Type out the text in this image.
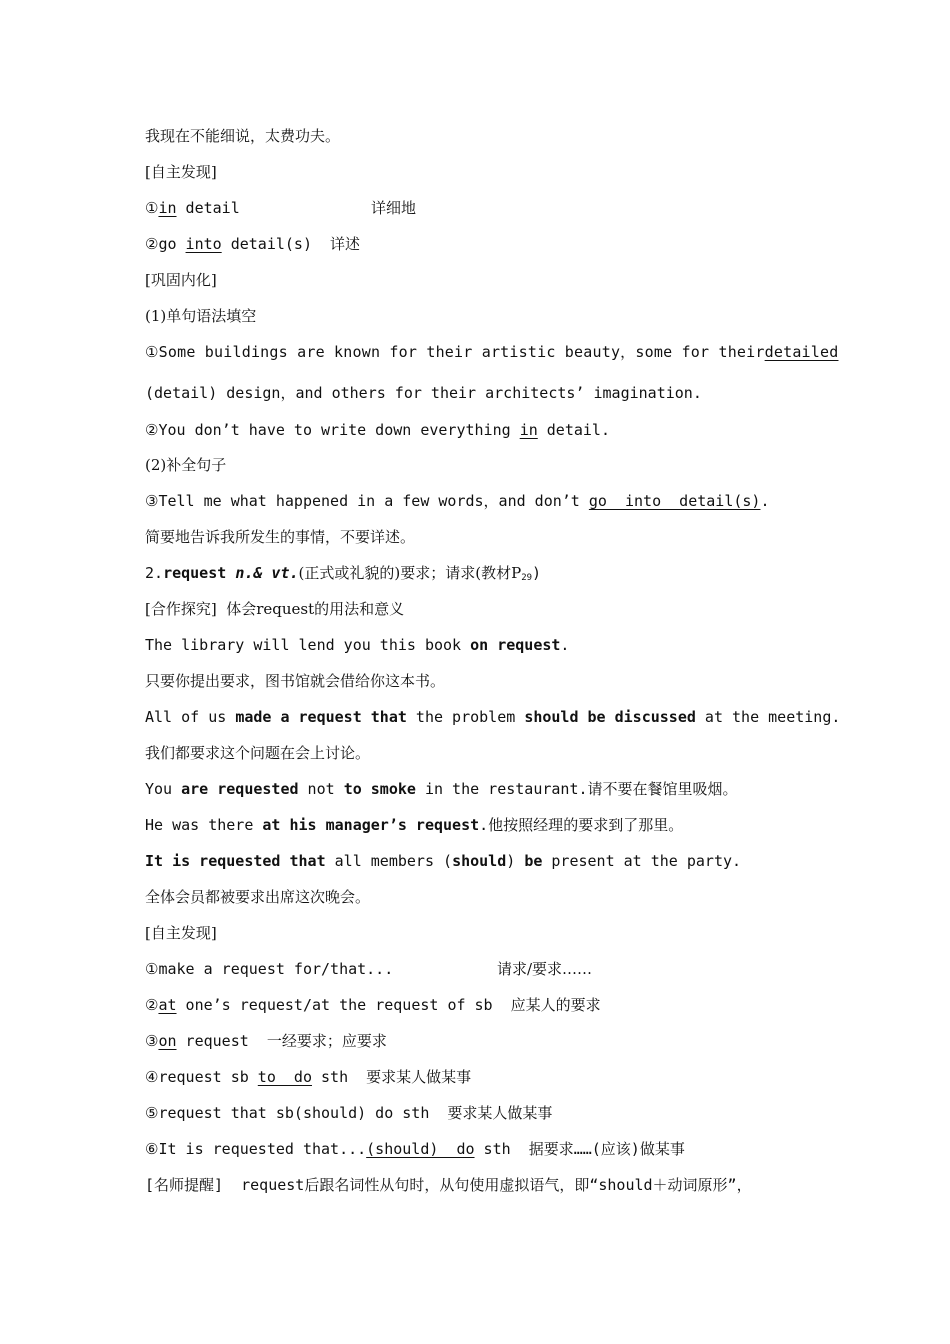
我现在不能细说，太费功夫。
[自主发现]
①in detail	详细地
②go into detail(s)  详述
[巩固内化]
(1)单句语法填空
①Some buildings are known for their artistic beauty，some for theirdetailed
(detail) design，and others for their architects’ imagination.
②You don’t have to write down everything in detail.
(2)补全句子
③Tell me what happened in a few words，and don’t go  into  detail(s).
简要地告诉我所发生的事情，不要详述。
2.request n.& vt.(正式或礼貌的)要求；请求(教材$P_{29}$)
[合作探究]  体会request的用法和意义
The library will lend you this book on request.
只要你提出要求，图书馆就会借给你这本书。
All of us made a request that the problem should be discussed at the meeting.
我们都要求这个问题在会上讨论。
You are requested not to smoke in the restaurant.请不要在餐馆里吸烟。
He was there at his manager’s request.他按照经理的要求到了那里。
It is requested that all members (should) be present at the party.
全体会员都被要求出席这次晚会。
[自主发现]
①make a request for/that...	请求/要求……
②at one’s request/at the request of sb  应某人的要求
③on request  一经要求；应要求
④request sb to  do sth  要求某人做某事
⑤request that sb(should) do sth  要求某人做某事
⑥It is requested that...(should)  do sth  据要求……(应该)做某事
[名师提醒]  request后跟名词性从句时，从句使用虚拟语气，即“should＋动词原形”，
